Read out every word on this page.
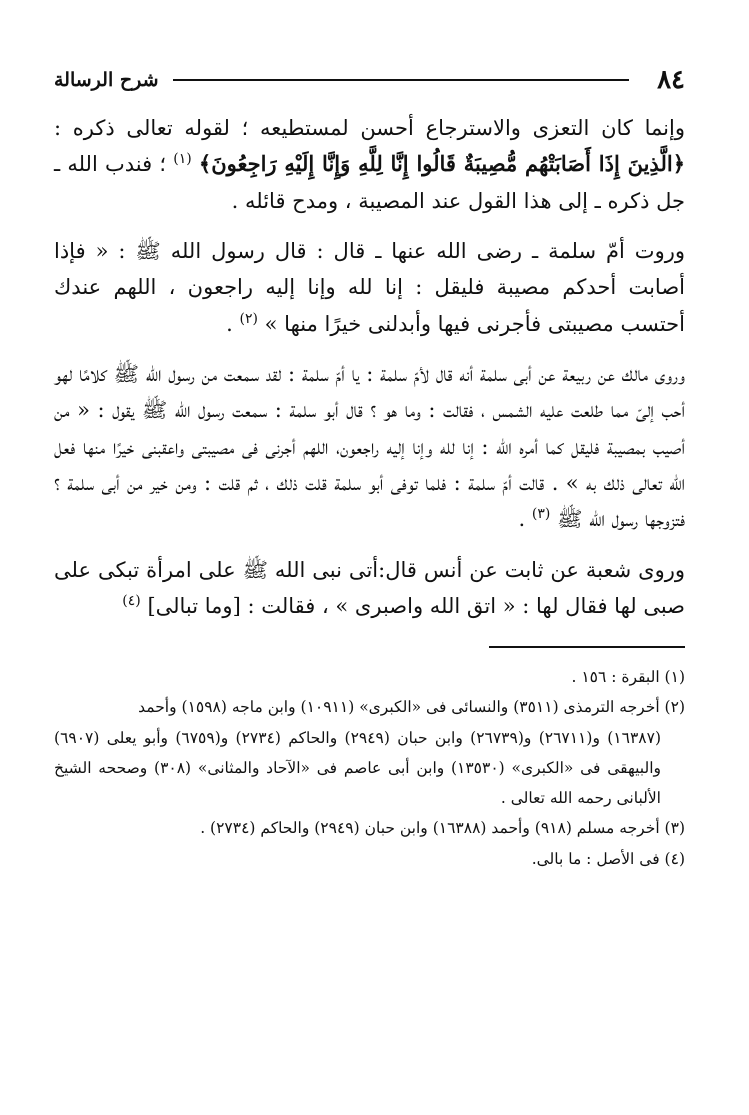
٨٤
شرح الرسالة

وإنما كان التعزى والاسترجاع أحسن لمستطيعه ؛ لقوله تعالى ذكره : ﴿الَّذِينَ إِذَا أَصَابَتْهُم مُّصِيبَةٌ قَالُوا إِنَّا لِلَّهِ وَإِنَّا إِلَيْهِ رَاجِعُونَ﴾ $^{(١)}$ ؛ فندب الله ـ جل ذكره ـ إلى هذا القول عند المصيبة ، ومدح قائله .

وروت أمّ سلمة ـ رضى الله عنها ـ قال : قال رسول الله ﷺ : « فإذا أصابت أحدكم مصيبة فليقل : إنا لله وإنا إليه راجعون ، اللهم عندك أحتسب مصيبتى فأجرنى فيها وأبدلنى خيرًا منها » $^{(٢)}$ .

وروى مالك عن ربيعة عن أبى سلمة أنه قال لأمّ سلمة : يا أمّ سلمة : لقد سمعت من رسول الله ﷺ كلامًا لهو أحب إلىّ مما طلعت عليه الشمس ، فقالت : وما هو ؟ قال أبو سلمة : سمعت رسول الله ﷺ يقول : « من أصيب بمصيبة فليقل كما أمره الله : إنا لله وإنا إليه راجعون، اللهم أجرنى فى مصيبتى واعقبنى خيرًا منها فعل الله تعالى ذلك به » . قالت أمّ سلمة : فلما توفى أبو سلمة قلت ذلك ، ثم قلت : ومن خير من أبى سلمة ؟ فتزوجها رسول الله ﷺ $^{(٣)}$ .

وروى شعبة عن ثابت عن أنس قال:أتى نبى الله ﷺ على امرأة تبكى على صبى لها فقال لها : « اتق الله واصبرى » ، فقالت : [وما تبالى] $^{(٤)}$

(١) البقرة : ١٥٦ .

(٢) أخرجه الترمذى (٣٥١١) والنسائى فى «الكبرى» (١٠٩١١) وابن ماجه (١٥٩٨) وأحمد
(١٦٣٨٧) و(٢٦٧١١) و(٢٦٧٣٩) وابن حبان (٢٩٤٩) والحاكم (٢٧٣٤) و(٦٧٥٩) وأبو يعلى (٦٩٠٧) والبيهقى فى «الكبرى» (١٣٥٣٠) وابن أبى عاصم فى «الآحاد والمثانى» (٣٠٨) وصححه الشيخ الألبانى رحمه الله تعالى .

(٣) أخرجه مسلم (٩١٨) وأحمد (١٦٣٨٨) وابن حبان (٢٩٤٩) والحاكم (٢٧٣٤) .

(٤) فى الأصل : ما بالى.
